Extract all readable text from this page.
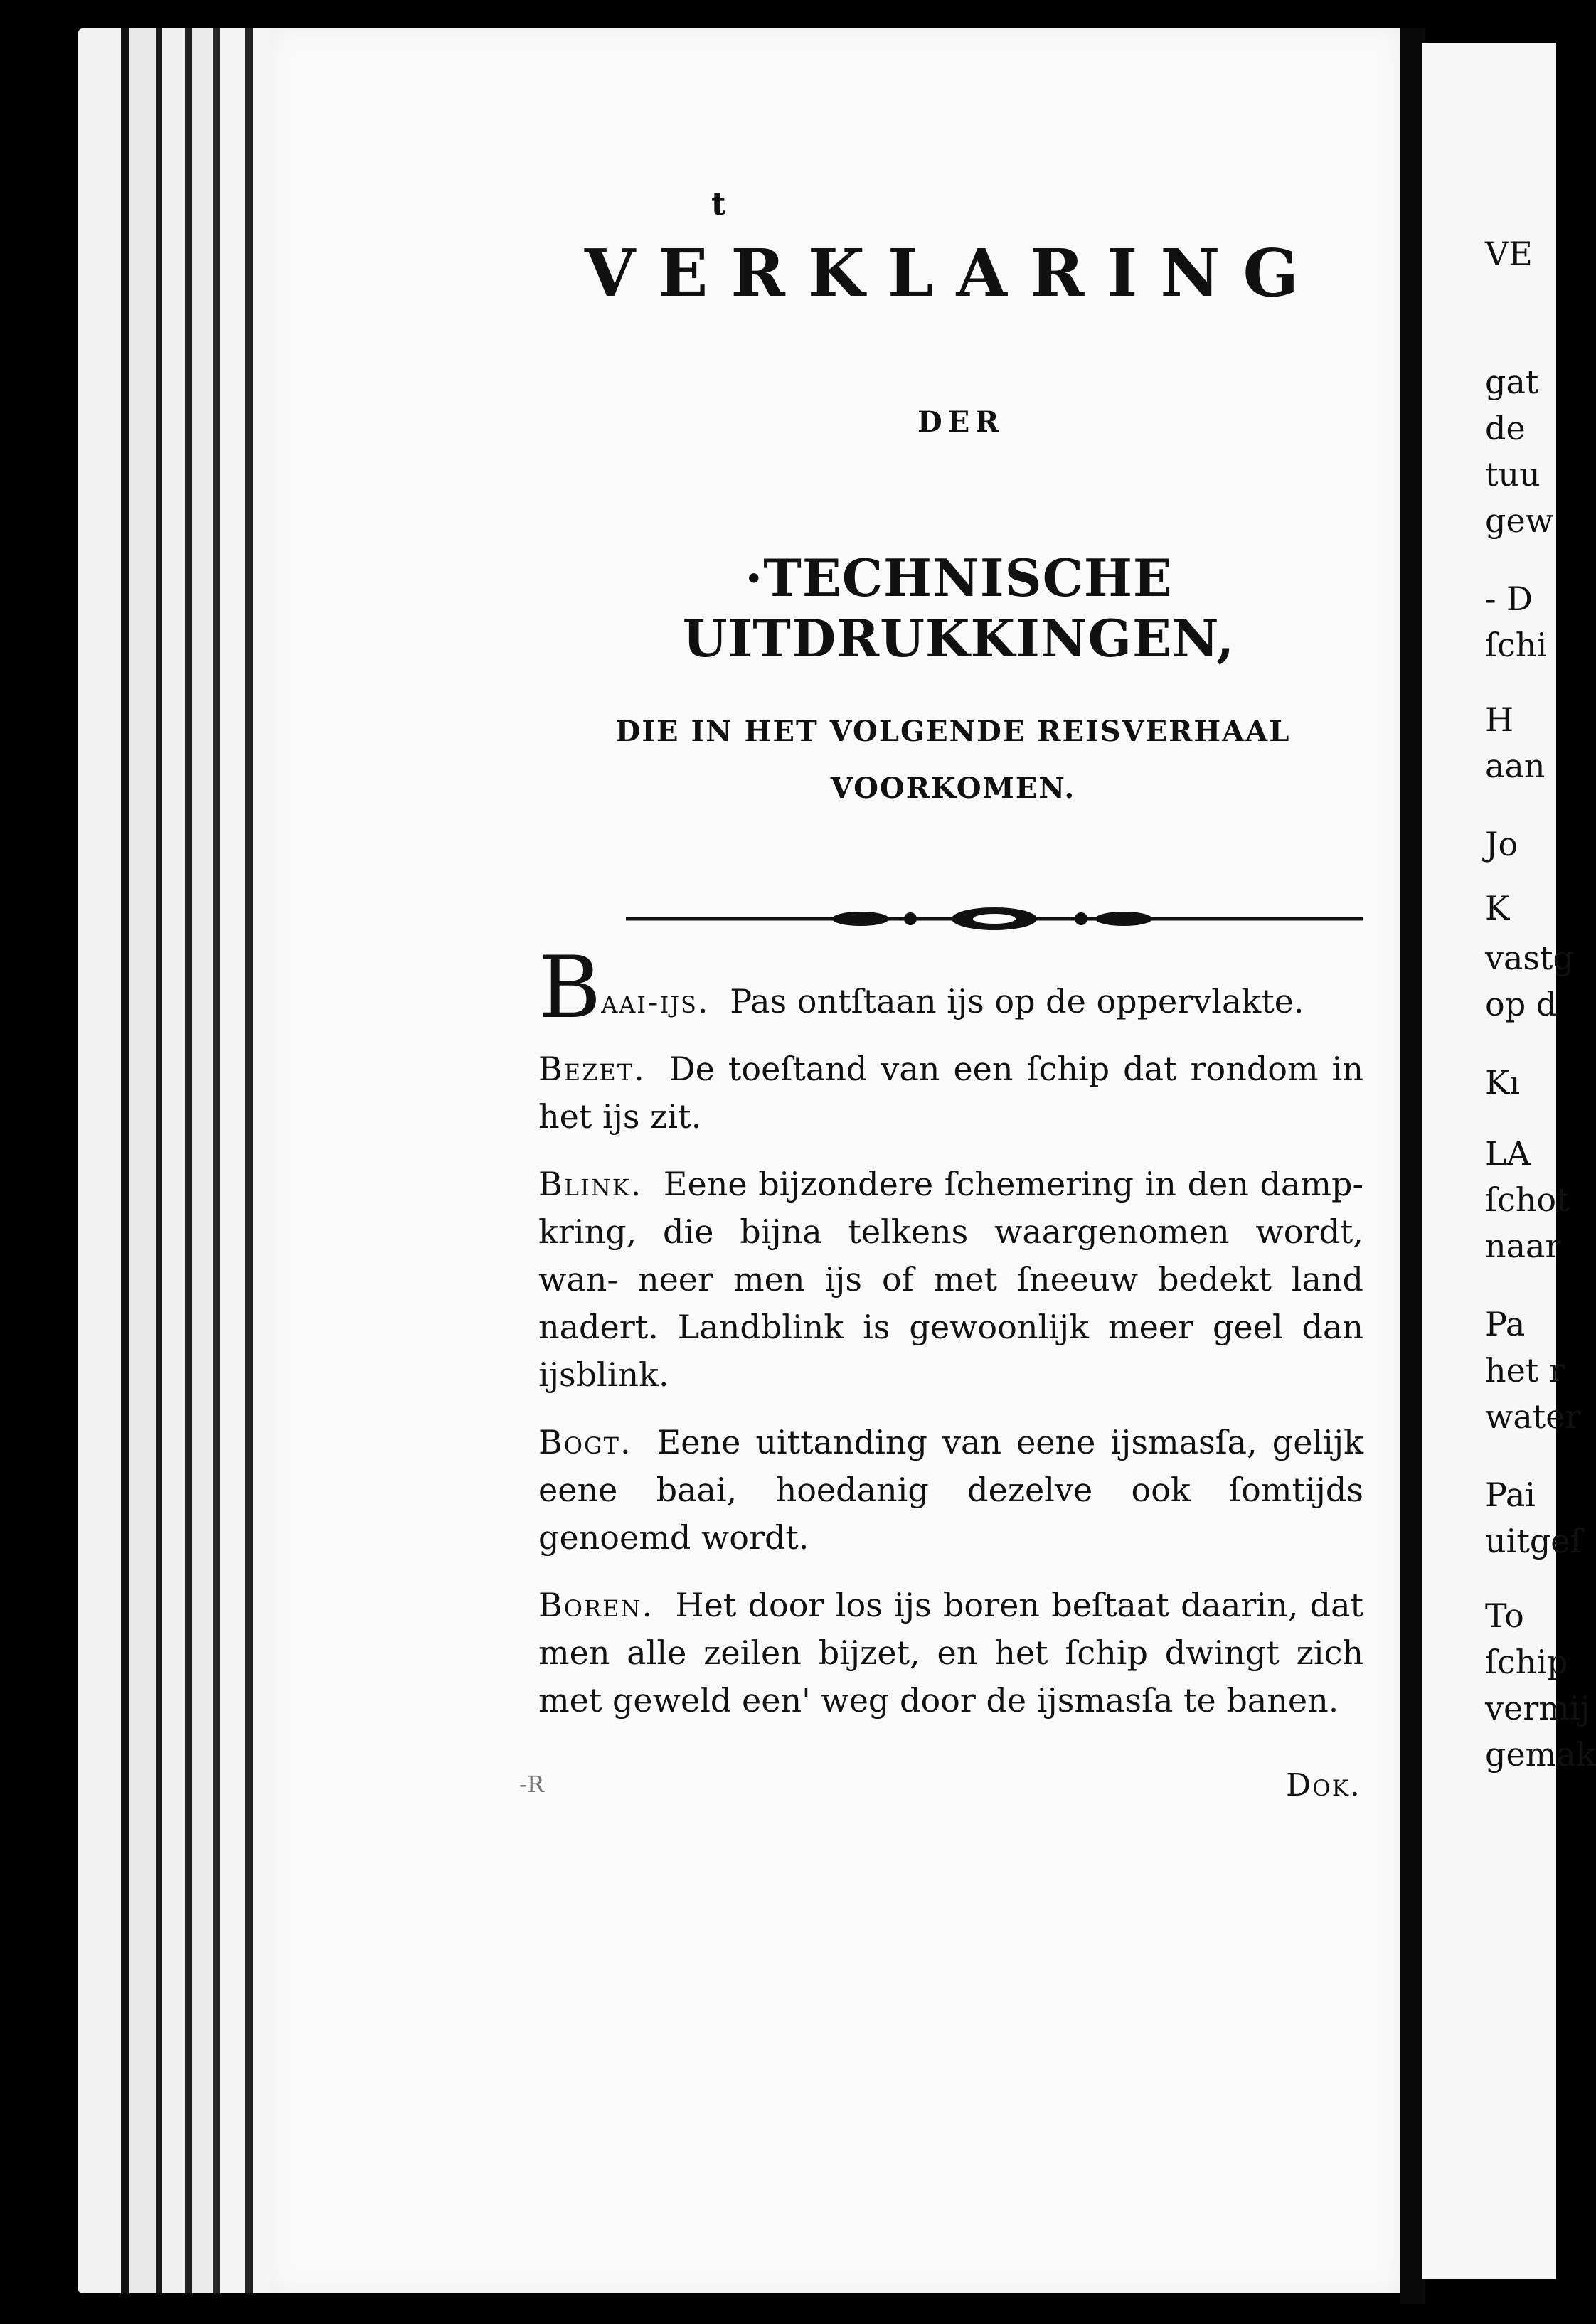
t
VERKLARING
DER
·TECHNISCHE UITDRUKKINGEN,
DIE IN HET VOLGENDE REISVERHAAL
VOORKOMEN.

Baai-ijs. Pas ontſtaan ijs op de oppervlakte.

Bezet. De toeſtand van een ſchip dat rondom in het ijs zit.

Blink. Eene bijzondere ſchemering in den damp- kring, die bijna telkens waargenomen wordt, wan- neer men ijs of met ſneeuw bedekt land nadert. Landblink is gewoonlijk meer geel dan ijsblink.

Bogt. Eene uittanding van eene ijsmasſa, gelijk eene baai, hoedanig dezelve ook ſomtijds genoemd wordt.

Boren. Het door los ijs boren beſtaat daarin, dat men alle zeilen bijzet, en het ſchip dwingt zich met geweld een' weg door de ijsmasſa te banen.

-R	Dok.
VE
gat
de
tuu
gew
- D
ſchi
H
aan
Jo
K
vastg
op d
Kı
LA
ſchot
naar
Pa
het r
water
Pai
uitgeſ
To
ſchip
vermij
gemak
